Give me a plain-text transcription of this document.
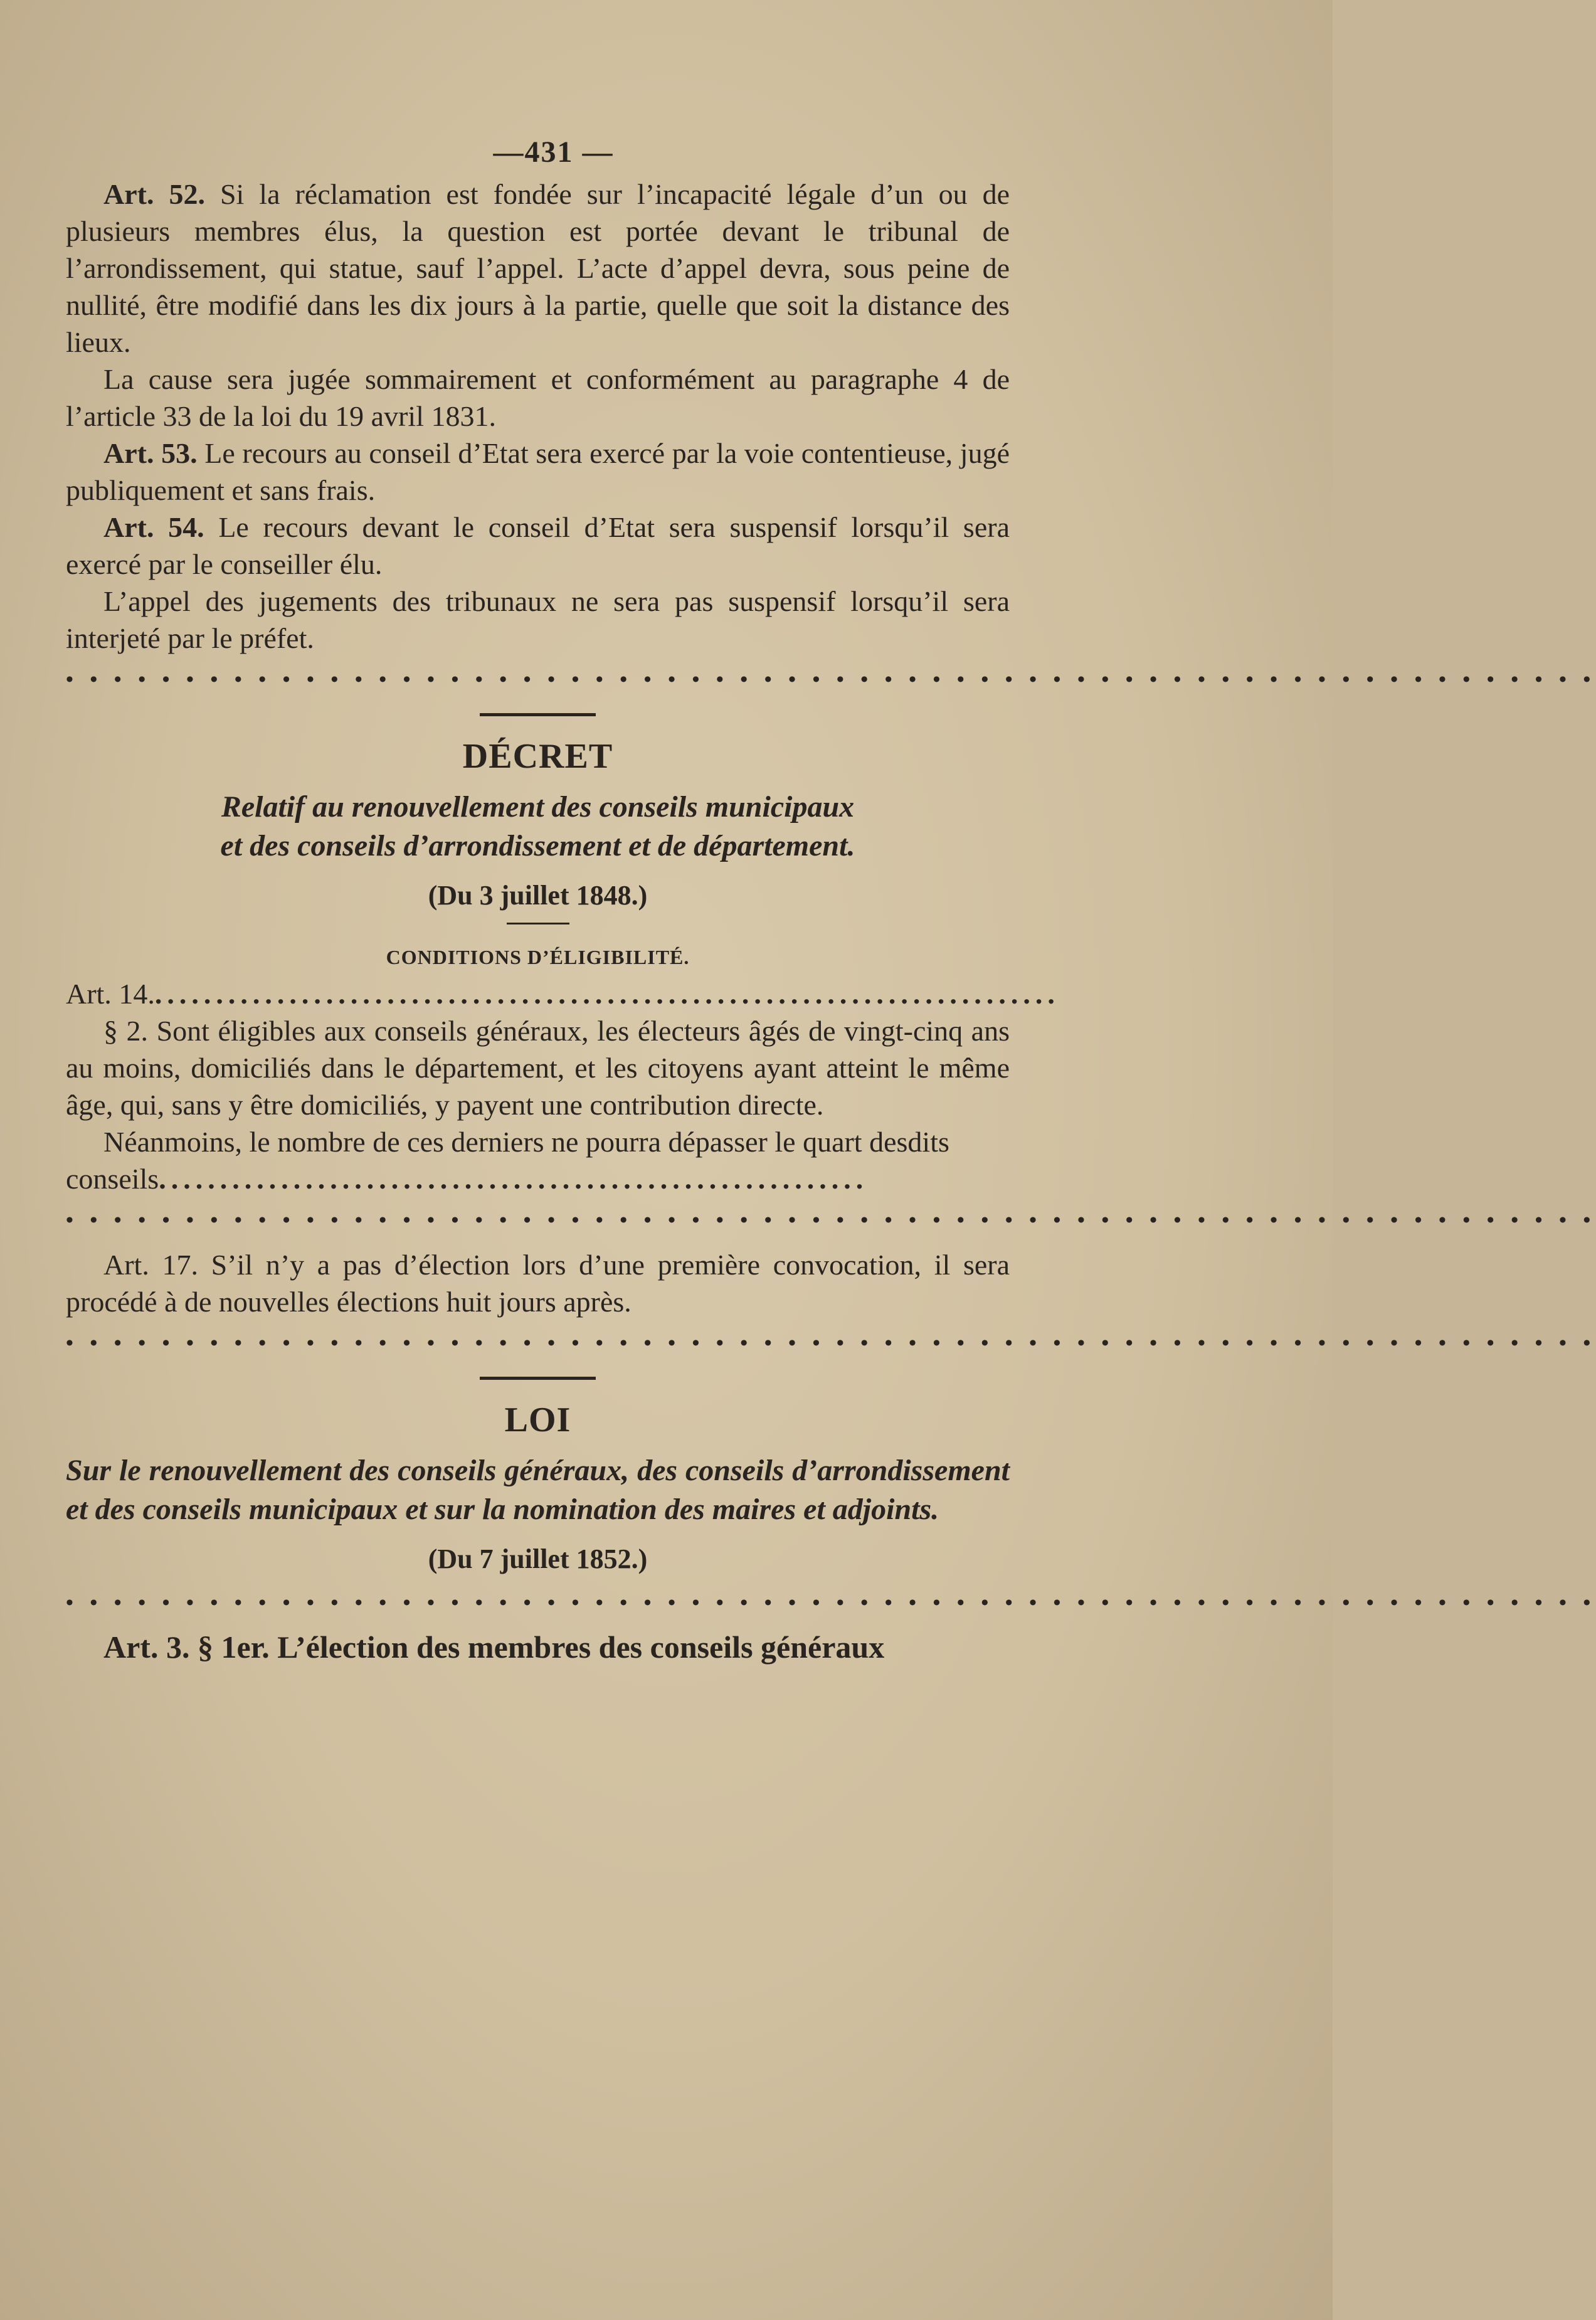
—431 —

Art. 52. Si la réclamation est fondée sur l’incapacité légale d’un ou de plusieurs membres élus, la question est portée devant le tribunal de l’arrondissement, qui statue, sauf l’appel. L’acte d’appel devra, sous peine de nullité, être modifié dans les dix jours à la partie, quelle que soit la distance des lieux.

La cause sera jugée sommairement et conformément au paragraphe 4 de l’article 33 de la loi du 19 avril 1831.

Art. 53. Le recours au conseil d’Etat sera exercé par la voie contentieuse, jugé publiquement et sans frais.

Art. 54. Le recours devant le conseil d’Etat sera suspensif lorsqu’il sera exercé par le conseiller élu.

L’appel des jugements des tribunaux ne sera pas suspensif lorsqu’il sera interjeté par le préfet.

• • • • • • • • • • • • • • • • • • • • • • • • • • • • • • • • • • • • • • • • • • • • • • • • • • • • • • • • • • • • • • • •
DÉCRET
Relatif au renouvellement des conseils municipaux
et des conseils d’arrondissement et de département.
(Du 3 juillet 1848.)
CONDITIONS D’ÉLIGIBILITÉ.

Art. 14...........................................................................

§ 2. Sont éligibles aux conseils généraux, les électeurs âgés de vingt-cinq ans au moins, domiciliés dans le département, et les citoyens ayant atteint le même âge, qui, sans y être domiciliés, y payent une contribution directe.

Néanmoins, le nombre de ces derniers ne pourra dépasser le quart desdits conseils..........................................................

• • • • • • • • • • • • • • • • • • • • • • • • • • • • • • • • • • • • • • • • • • • • • • • • • • • • • • • • • • • • • • • •

Art. 17. S’il n’y a pas d’élection lors d’une première convocation, il sera procédé à de nouvelles élections huit jours après.

• • • • • • • • • • • • • • • • • • • • • • • • • • • • • • • • • • • • • • • • • • • • • • • • • • • • • • • • • • • • • • • •
LOI
Sur le renouvellement des conseils généraux, des conseils d’arrondissement et des conseils municipaux et sur la nomination des maires et adjoints.
(Du 7 juillet 1852.)
• • • • • • • • • • • • • • • • • • • • • • • • • • • • • • • • • • • • • • • • • • • • • • • • • • • • • • • • • • • • • • • •

Art. 3. § 1er. L’élection des membres des conseils généraux
